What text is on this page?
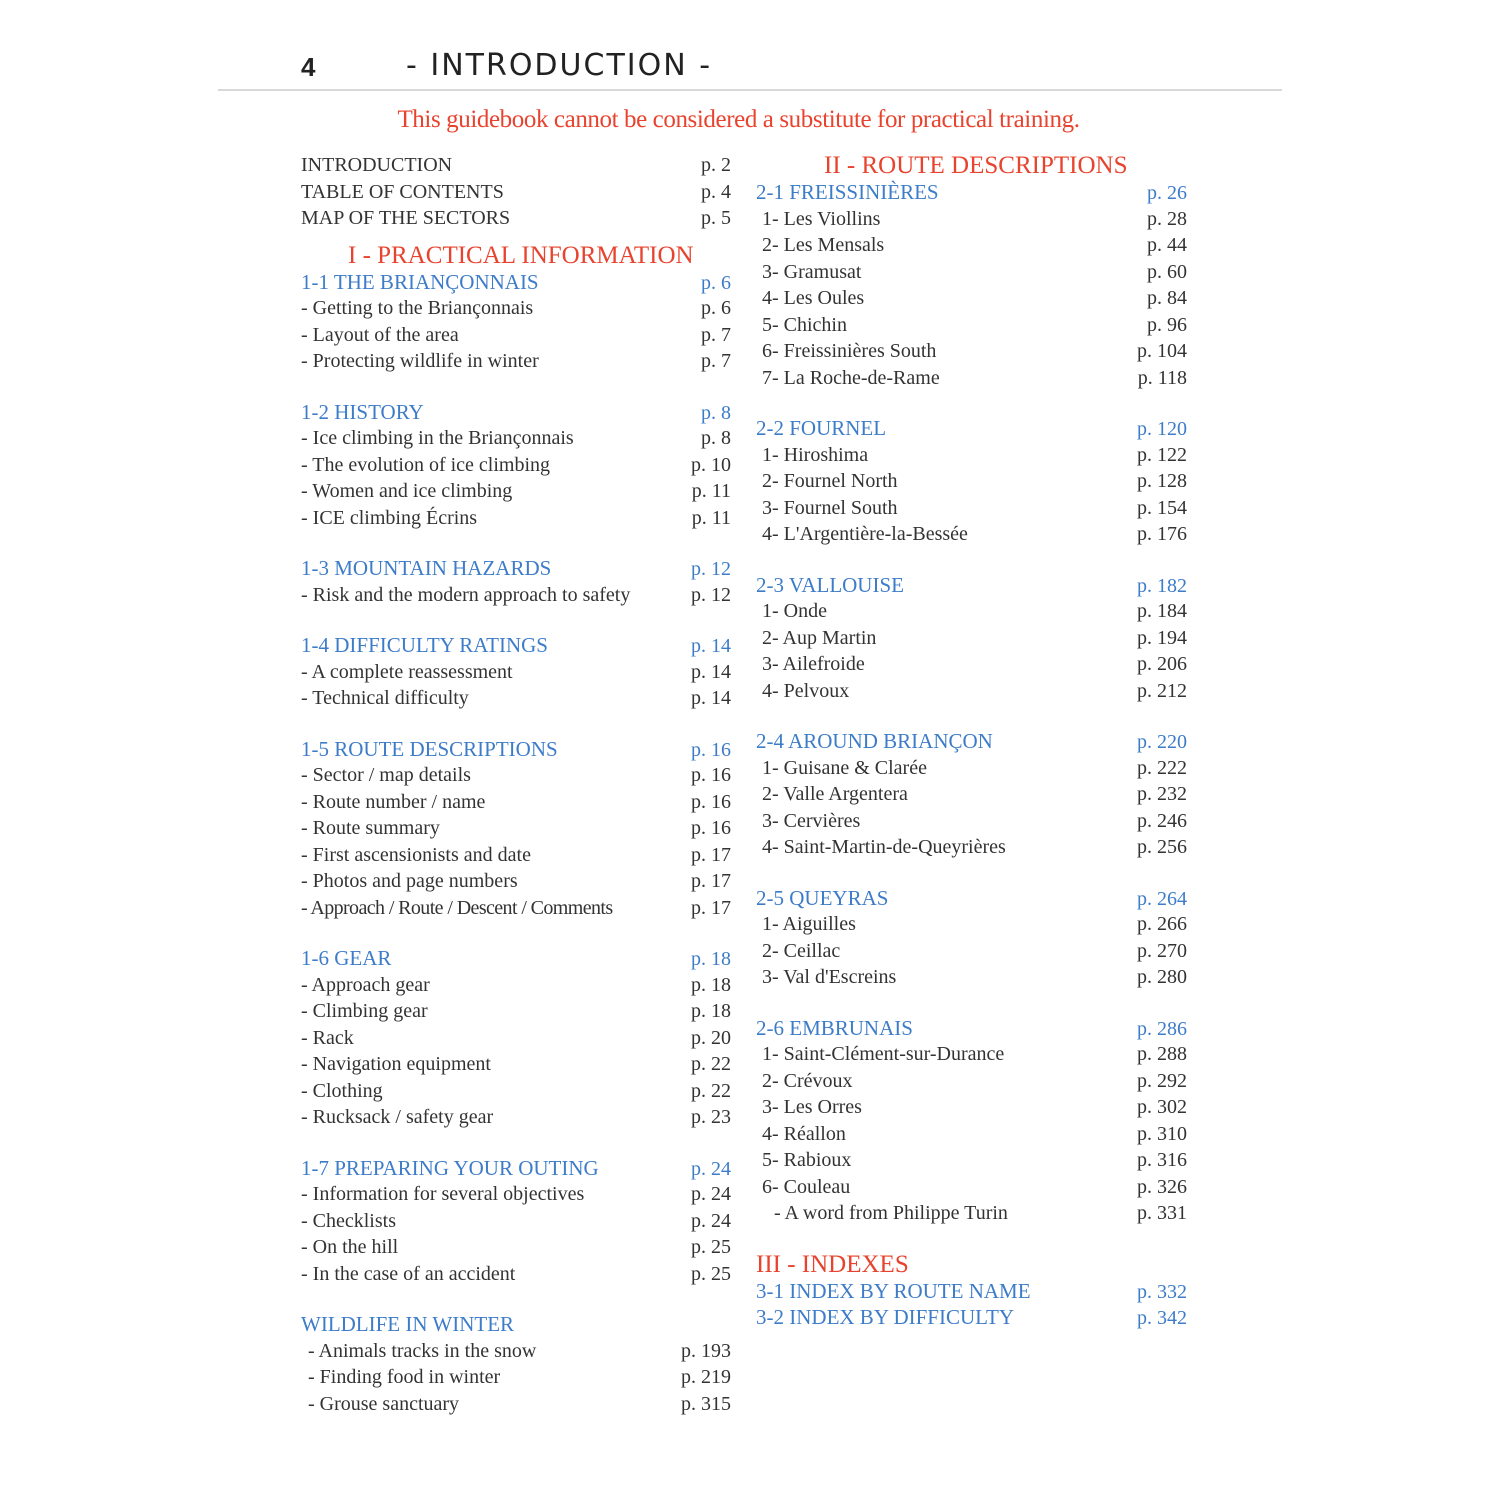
4	- INTRODUCTION -
This guidebook cannot be considered a substitute for practical training.
INTRODUCTION	p. 2
TABLE OF CONTENTS	p. 4
MAP OF THE SECTORS	p. 5
I - PRACTICAL INFORMATION
1-1 THE BRIANÇONNAIS	p. 6
- Getting to the Briançonnais	p. 6
- Layout of the area	p. 7
- Protecting wildlife in winter	p. 7
1-2 HISTORY	p. 8
- Ice climbing in the Briançonnais	p. 8
- The evolution of ice climbing	p. 10
- Women and ice climbing	p. 11
- ICE climbing Écrins	p. 11
1-3 MOUNTAIN HAZARDS	p. 12
- Risk and the modern approach to safety	p. 12
1-4 DIFFICULTY RATINGS	p. 14
- A complete reassessment	p. 14
- Technical difficulty	p. 14
1-5 ROUTE DESCRIPTIONS	p. 16
- Sector / map details	p. 16
- Route number / name	p. 16
- Route summary	p. 16
- First ascensionists and date	p. 17
- Photos and page numbers	p. 17
- Approach / Route / Descent / Comments	p. 17
1-6 GEAR	p. 18
- Approach gear	p. 18
- Climbing gear	p. 18
- Rack	p. 20
- Navigation equipment	p. 22
- Clothing	p. 22
- Rucksack / safety gear	p. 23
1-7 PREPARING YOUR OUTING	p. 24
- Information for several objectives	p. 24
- Checklists	p. 24
- On the hill	p. 25
- In the case of an accident	p. 25
WILDLIFE IN WINTER
- Animals tracks in the snow	p. 193
- Finding food in winter	p. 219
- Grouse sanctuary	p. 315
II - ROUTE DESCRIPTIONS
2-1 FREISSINIÈRES	p. 26
1- Les Viollins	p. 28
2- Les Mensals	p. 44
3- Gramusat	p. 60
4- Les Oules	p. 84
5- Chichin	p. 96
6- Freissinières South	p. 104
7- La Roche-de-Rame	p. 118
2-2 FOURNEL	p. 120
1- Hiroshima	p. 122
2- Fournel North	p. 128
3- Fournel South	p. 154
4- L'Argentière-la-Bessée	p. 176
2-3 VALLOUISE	p. 182
1- Onde	p. 184
2- Aup Martin	p. 194
3- Ailefroide	p. 206
4- Pelvoux	p. 212
2-4 AROUND BRIANÇON	p. 220
1- Guisane & Clarée	p. 222
2- Valle Argentera	p. 232
3- Cervières	p. 246
4- Saint-Martin-de-Queyrières	p. 256
2-5 QUEYRAS	p. 264
1- Aiguilles	p. 266
2- Ceillac	p. 270
3- Val d'Escreins	p. 280
2-6 EMBRUNAIS	p. 286
1- Saint-Clément-sur-Durance	p. 288
2- Crévoux	p. 292
3- Les Orres	p. 302
4- Réallon	p. 310
5- Rabioux	p. 316
6- Couleau	p. 326
- A word from Philippe Turin	p. 331
III - INDEXES
3-1 INDEX BY ROUTE NAME	p. 332
3-2 INDEX BY DIFFICULTY	p. 342
